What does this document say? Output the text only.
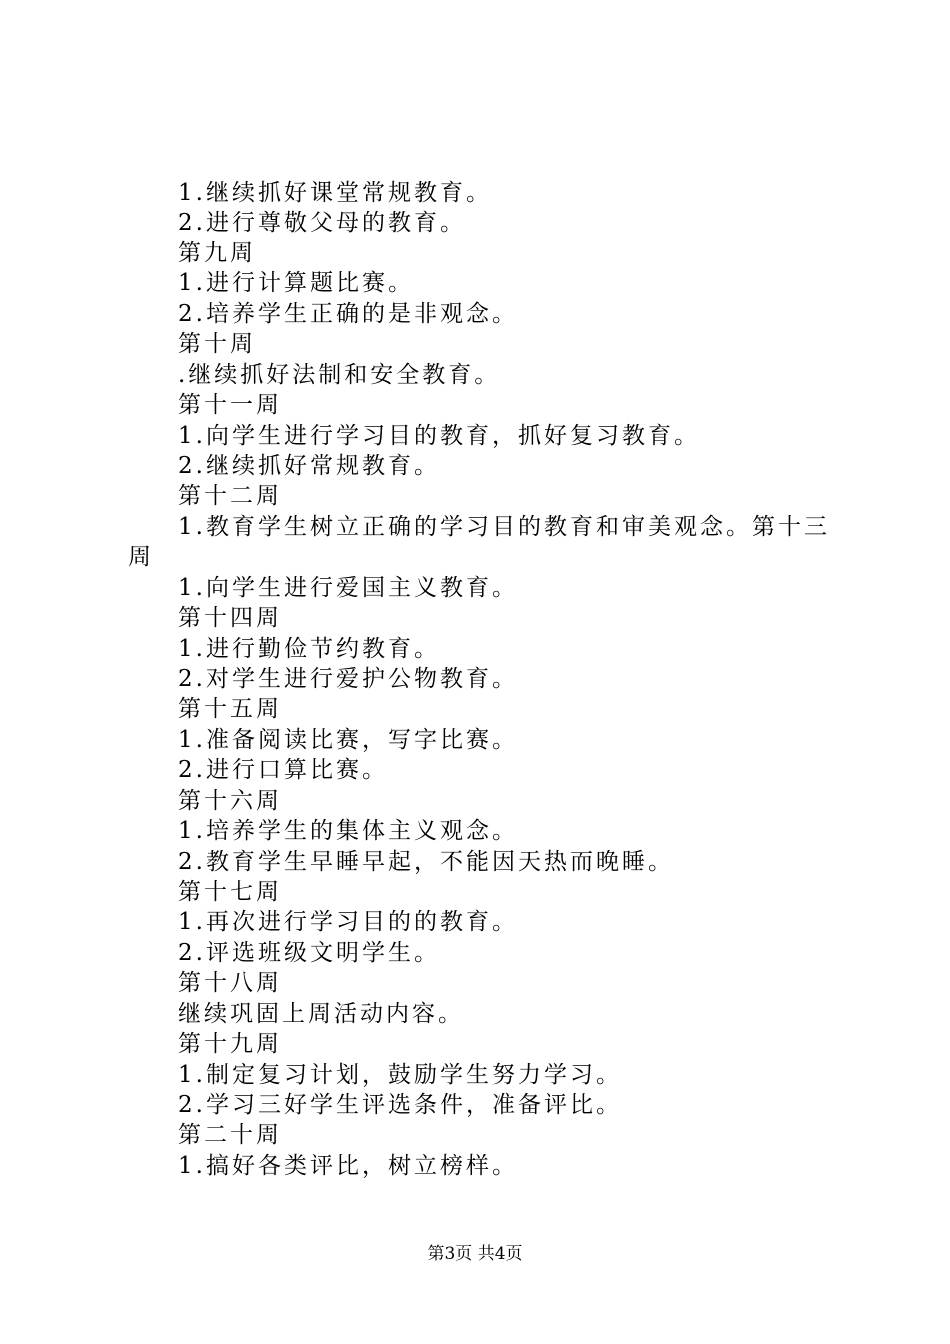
1.继续抓好课堂常规教育。
2.进行尊敬父母的教育。
第九周
1.进行计算题比赛。
2.培养学生正确的是非观念。
第十周
.继续抓好法制和安全教育。
第十一周
1.向学生进行学习目的教育，抓好复习教育。
2.继续抓好常规教育。
第十二周
1.教育学生树立正确的学习目的教育和审美观念。第十三
周
1.向学生进行爱国主义教育。
第十四周
1.进行勤俭节约教育。
2.对学生进行爱护公物教育。
第十五周
1.准备阅读比赛，写字比赛。
2.进行口算比赛。
第十六周
1.培养学生的集体主义观念。
2.教育学生早睡早起，不能因天热而晚睡。
第十七周
1.再次进行学习目的的教育。
2.评选班级文明学生。
第十八周
继续巩固上周活动内容。
第十九周
1.制定复习计划，鼓励学生努力学习。
2.学习三好学生评选条件，准备评比。
第二十周
1.搞好各类评比，树立榜样。
第3页 共4页
